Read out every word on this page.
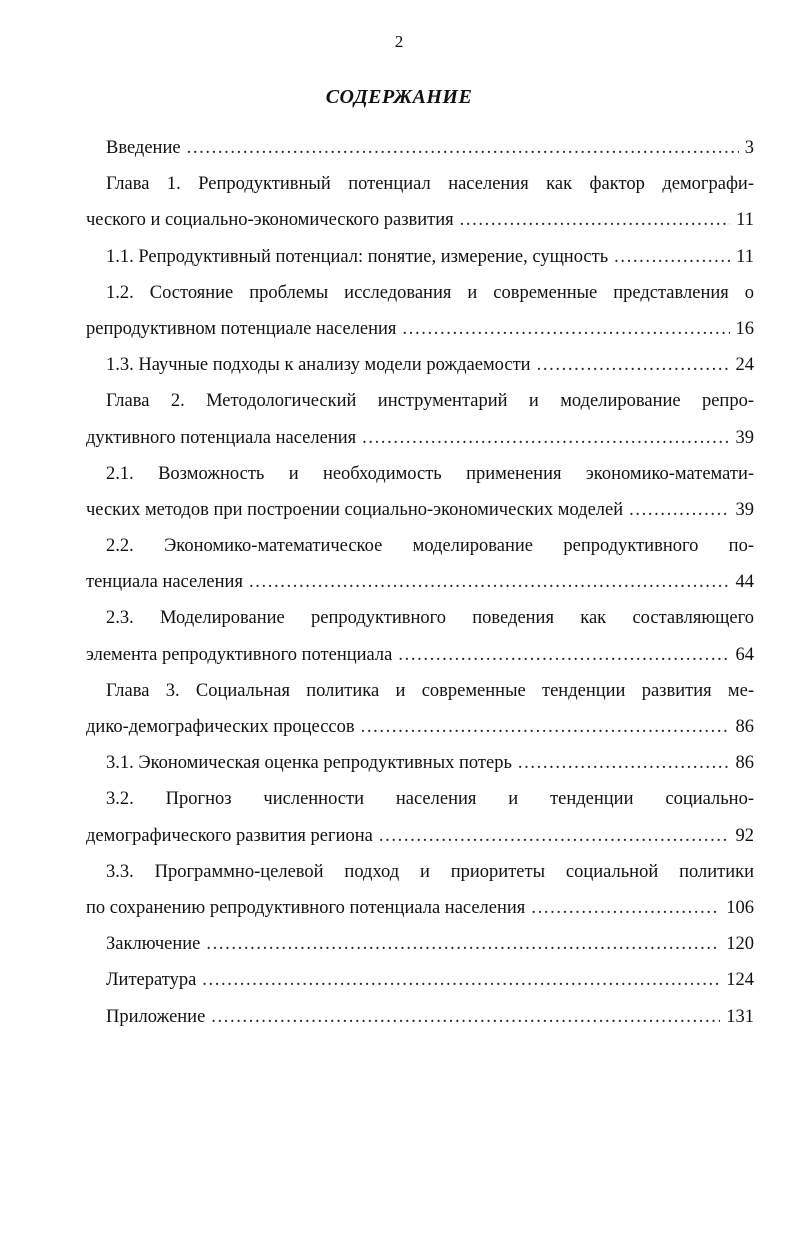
2
СОДЕРЖАНИЕ
Введение . . .	3
Глава 1. Репродуктивный потенциал населения как фактор демографи-
ческого и социально-экономического развития . . .	11
1.1. Репродуктивный потенциал: понятие, измерение, сущность . . .	11
1.2. Состояние проблемы исследования и современные представления о
репродуктивном потенциале населения . . .	16
1.3. Научные подходы к анализу модели рождаемости . . .	24
Глава 2. Методологический инструментарий и моделирование репро-
дуктивного потенциала населения . . .	39
2.1. Возможность и необходимость применения экономико-математи-
ческих методов при построении социально-экономических моделей . . .	39
2.2. Экономико-математическое моделирование репродуктивного по-
тенциала населения . . .	44
2.3. Моделирование репродуктивного поведения как составляющего
элемента репродуктивного потенциала . . .	64
Глава 3. Социальная политика и современные тенденции развития ме-
дико-демографических процессов . . .	86
3.1. Экономическая оценка репродуктивных потерь . . .	86
3.2. Прогноз численности населения и тенденции социально-
демографического развития региона . . .	92
3.3. Программно-целевой подход и приоритеты социальной политики
по сохранению репродуктивного потенциала населения . . .	106
Заключение . . .	120
Литература . . .	124
Приложение . . .	131
